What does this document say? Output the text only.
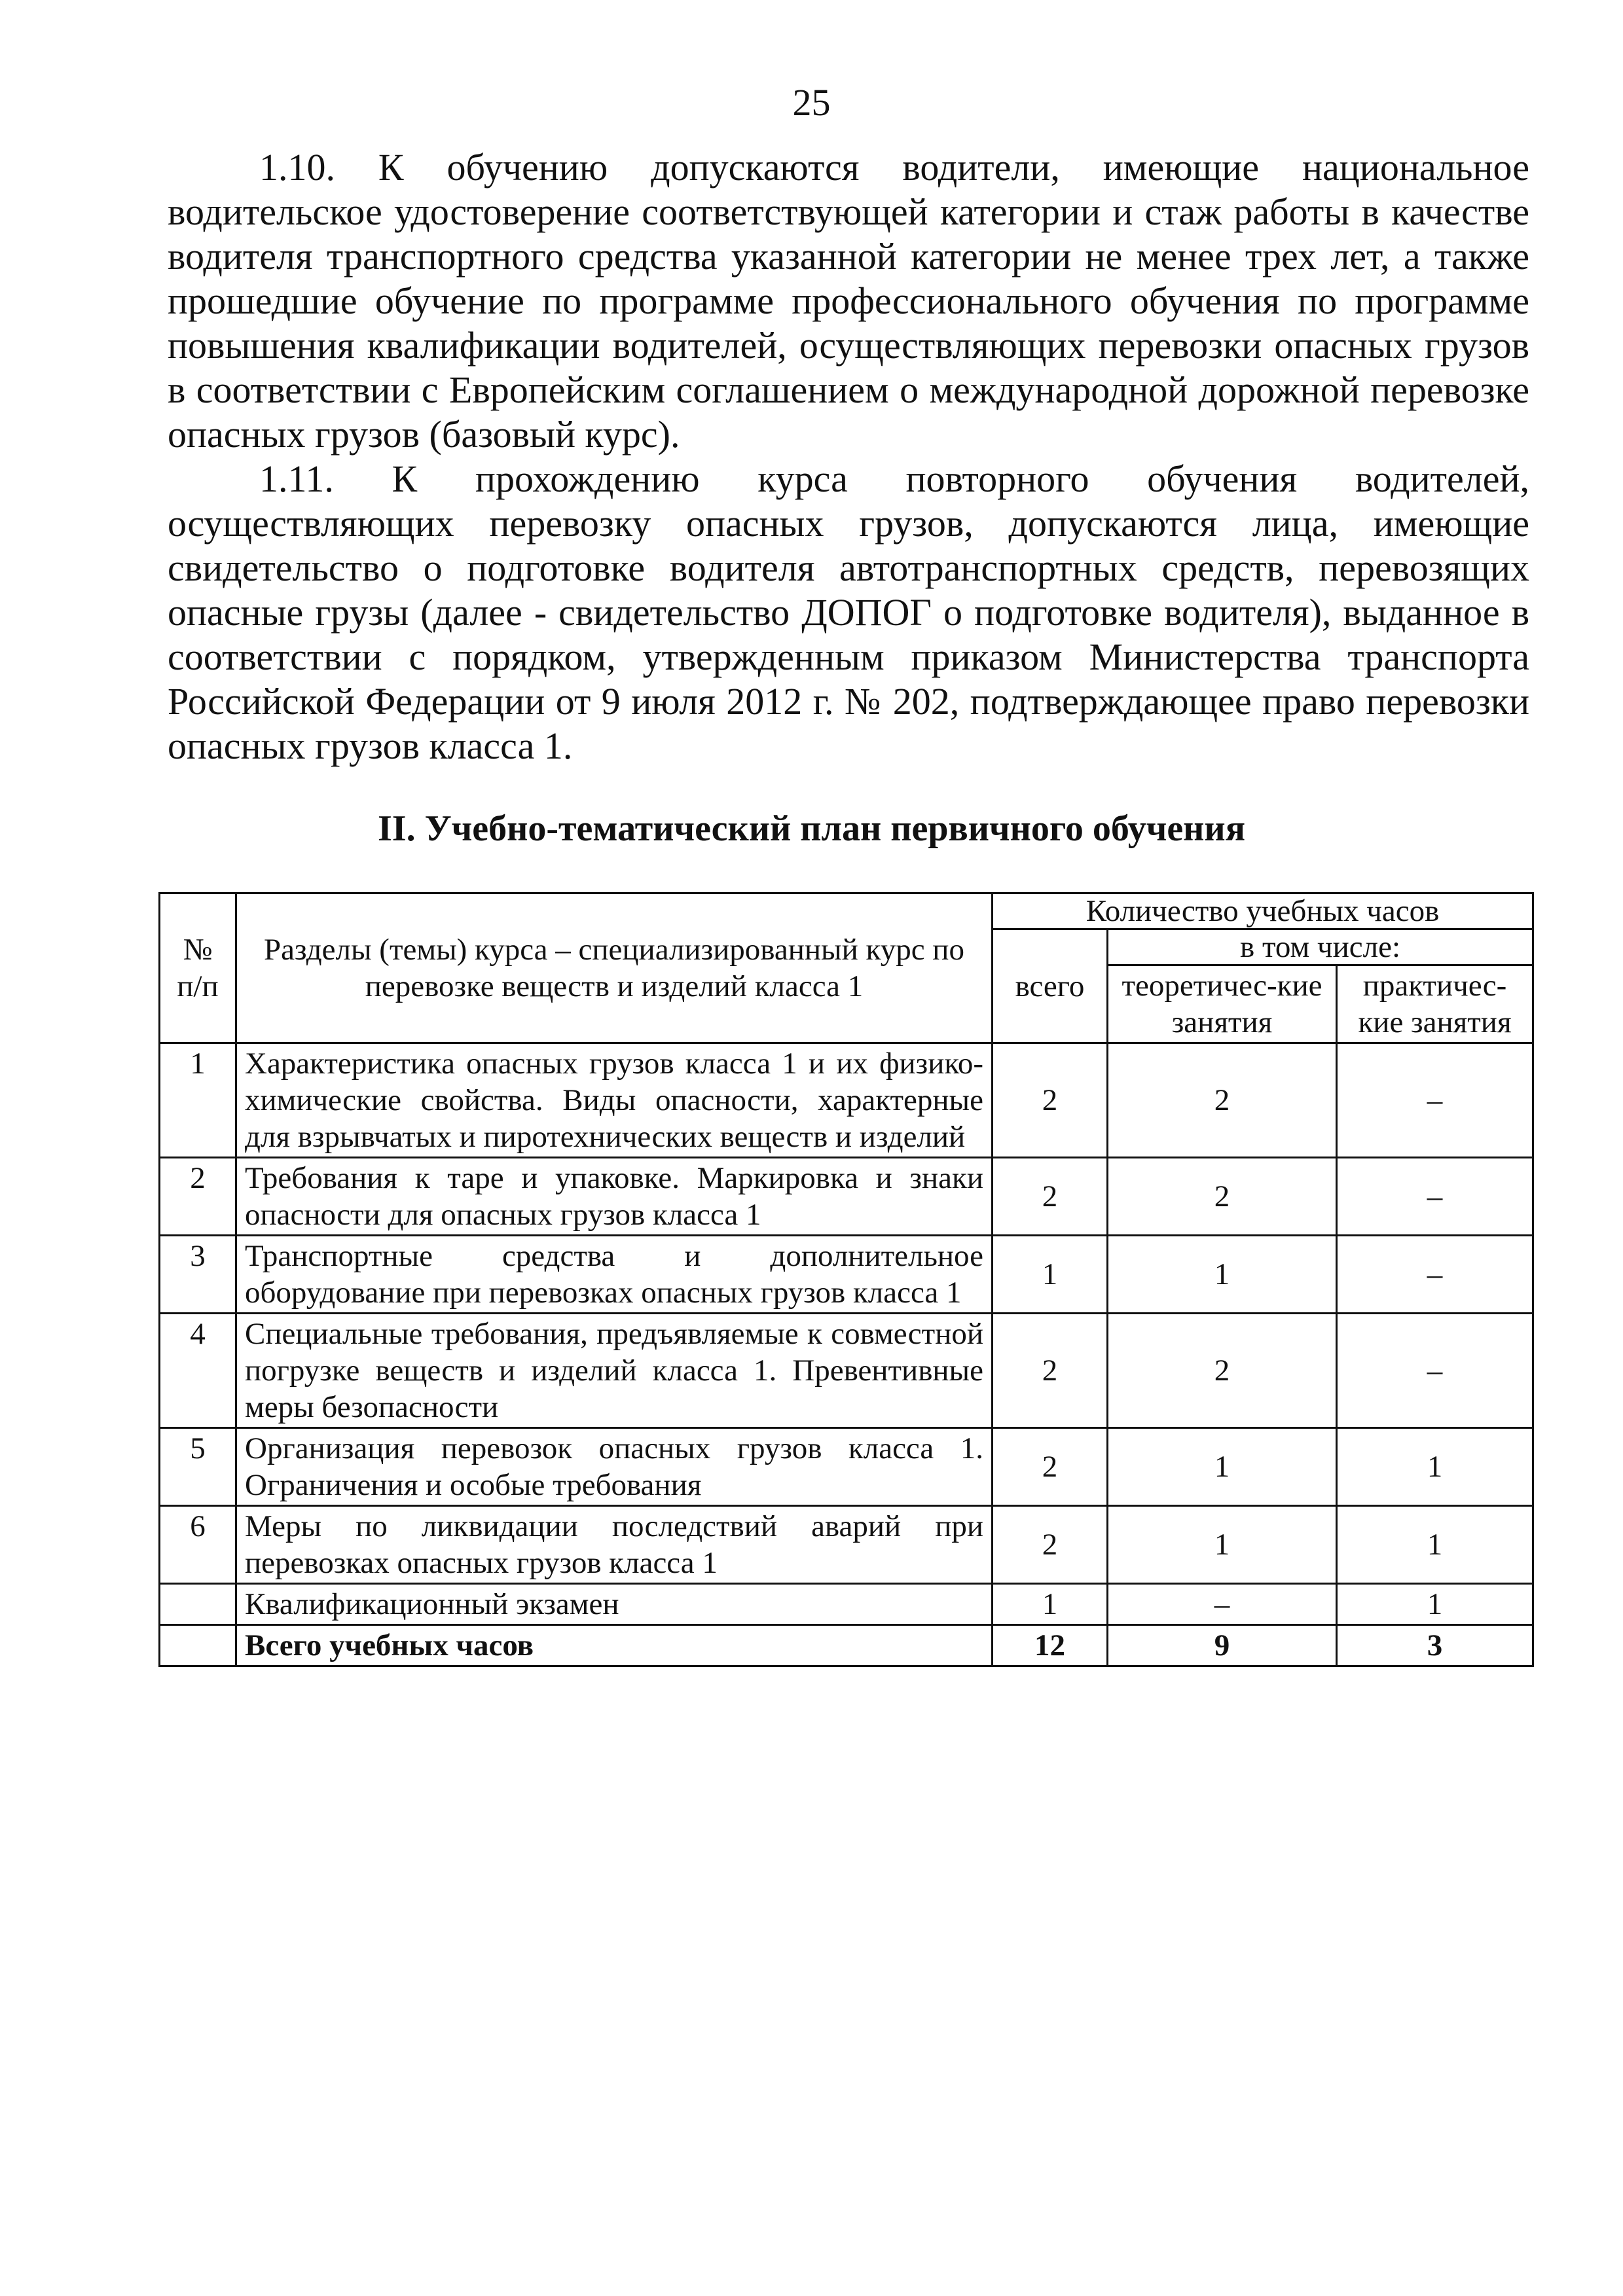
25

1.10. К обучению допускаются водители, имеющие национальное водительское удостоверение соответствующей категории и стаж работы в качестве водителя транспортного средства указанной категории не менее трех лет, а также прошедшие обучение по программе профессионального обучения по программе повышения квалификации водителей, осуществляющих перевозки опасных грузов в соответствии с Европейским соглашением о международной дорожной перевозке опасных грузов (базовый курс).

1.11. К прохождению курса повторного обучения водителей, осуществляющих перевозку опасных грузов, допускаются лица, имеющие свидетельство о подготовке водителя автотранспортных средств, перевозящих опасные грузы (далее - свидетельство ДОПОГ о подготовке водителя), выданное в соответствии с порядком, утвержденным приказом Министерства транспорта Российской Федерации от 9 июля 2012 г. № 202, подтверждающее право перевозки опасных грузов класса 1.

II. Учебно-тематический план первичного обучения
№ п/п	Разделы (темы) курса – специализированный курс по перевозке веществ и изделий класса 1	Количество учебных часов		
		всего	в том числе:	
			теоретичес-кие занятия	практичес-кие занятия
1	Характеристика опасных грузов класса 1 и их физико-химические свойства. Виды опасности, характерные для взрывчатых и пиротехнических веществ и изделий	2	2	–
2	Требования к таре и упаковке. Маркировка и знаки опасности для опасных грузов класса 1	2	2	–
3	Транспортные средства и дополнительное оборудование при перевозках опасных грузов класса 1	1	1	–
4	Специальные требования, предъявляемые к совместной погрузке веществ и изделий класса 1. Превентивные меры безопасности	2	2	–
5	Организация перевозок опасных грузов класса 1. Ограничения и особые требования	2	1	1
6	Меры по ликвидации последствий аварий при перевозках опасных грузов класса 1	2	1	1
	Квалификационный экзамен	1	–	1
	Всего учебных часов	12	9	3
